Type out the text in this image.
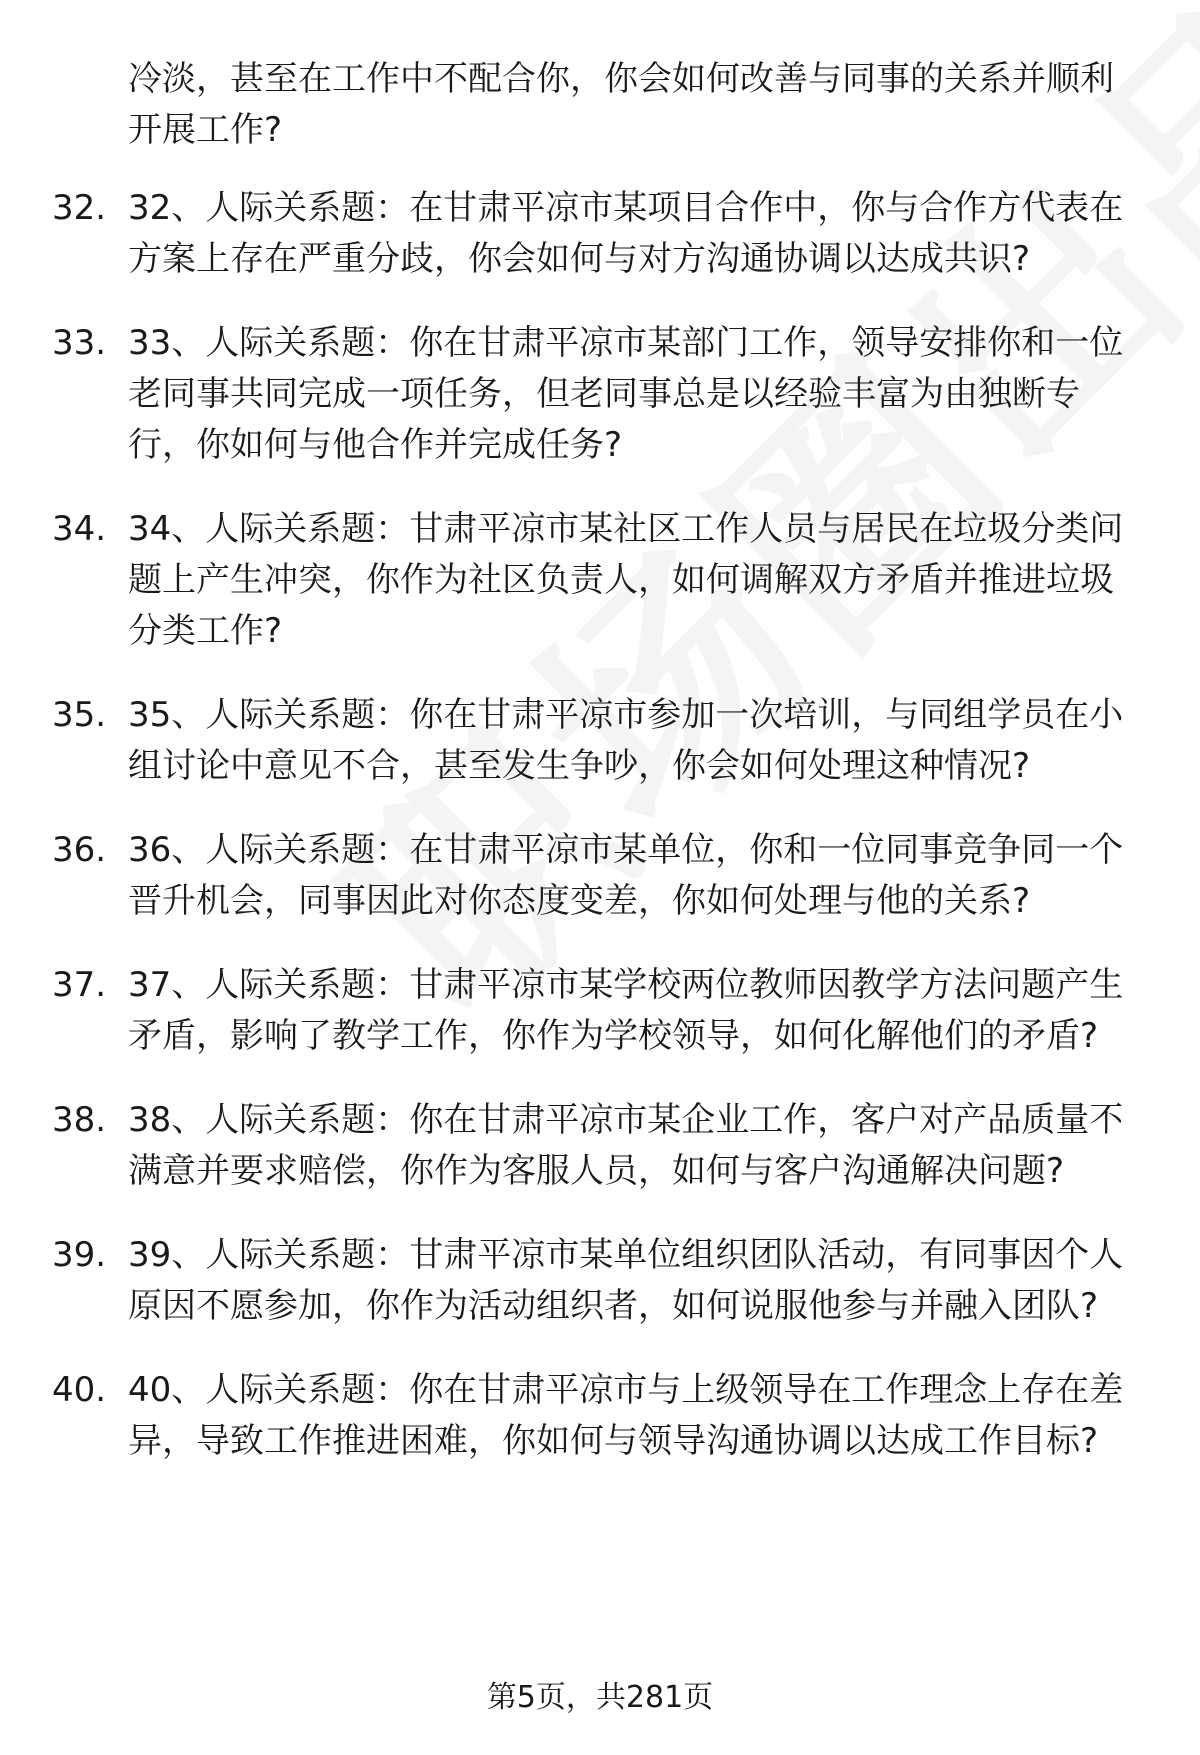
冷淡，甚至在工作中不配合你，你会如何改善与同事的关系并顺利开展工作?

32. 32、人际关系题：在甘肃平凉市某项目合作中，你与合作方代表在方案上存在严重分歧，你会如何与对方沟通协调以达成共识?
33. 33、人际关系题：你在甘肃平凉市某部门工作，领导安排你和一位老同事共同完成一项任务，但老同事总是以经验丰富为由独断专行，你如何与他合作并完成任务?
34. 34、人际关系题：甘肃平凉市某社区工作人员与居民在垃圾分类问题上产生冲突，你作为社区负责人，如何调解双方矛盾并推进垃圾分类工作?
35. 35、人际关系题：你在甘肃平凉市参加一次培训，与同组学员在小组讨论中意见不合，甚至发生争吵，你会如何处理这种情况?
36. 36、人际关系题：在甘肃平凉市某单位，你和一位同事竞争同一个晋升机会，同事因此对你态度变差，你如何处理与他的关系?
37. 37、人际关系题：甘肃平凉市某学校两位教师因教学方法问题产生矛盾，影响了教学工作，你作为学校领导，如何化解他们的矛盾?
38. 38、人际关系题：你在甘肃平凉市某企业工作，客户对产品质量不满意并要求赔偿，你作为客服人员，如何与客户沟通解决问题?
39. 39、人际关系题：甘肃平凉市某单位组织团队活动，有同事因个人原因不愿参加，你作为活动组织者，如何说服他参与并融入团队?
40. 40、人际关系题：你在甘肃平凉市与上级领导在工作理念上存在差异，导致工作推进困难，你如何与领导沟通协调以达成工作目标?
第5页，共281页
